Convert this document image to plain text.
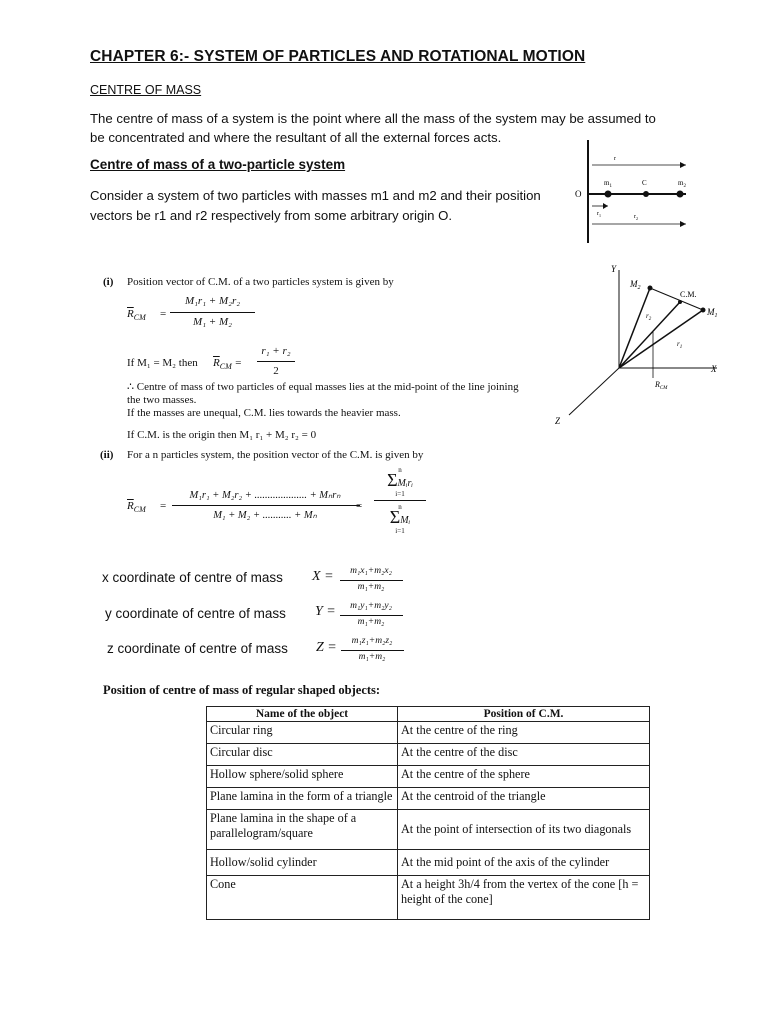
CHAPTER 6:- SYSTEM OF PARTICLES AND ROTATIONAL MOTION
CENTRE OF MASS
The centre of mass of a system is the point where all the mass of the system may be assumed to be concentrated and where the resultant of all the external forces acts.
Centre of mass of a two-particle system
Consider a system of two particles with masses m1 and m2 and their position vectors be r1 and r2 respectively from some arbitrary origin O.
O
$m_1$	C	$m_2$
r
$r_1$	$r_2$
(i) Position vector of C.M. of a two particles system is given by
$\overline{R}_{CM}$ =
M₁r₁ + M₂r₂
M₁ + M₂
If M₁ = M₂ then $\overline{R}_{CM}$ =
r₁ + r₂
2
∴ Centre of mass of two particles of equal masses lies at the mid-point of the line joining the two masses.
If the masses are unequal, C.M. lies towards the heavier mass.
If C.M. is the origin then M₁ r₁ + M₂ r₂ = 0
(ii) For a n particles system, the position vector of the C.M. is given by
$\overline{R}_{CM}$ =
M₁r₁ + M₂r₂ + .................... + Mₙrₙ
M₁ + M₂ + ........... + Mₙ
=
n
ΣMᵢrᵢ
i=1
n
ΣMᵢ
i=1
Y
X
Z
$M_2$
$M_1$
C.M.
$r_1$
$r_2$
$R_{CM}$
x coordinate of centre of mass X =	m₁x₁+m₂x₂
m₁+m₂
y coordinate of centre of mass Y =	m₁y₁+m₂y₂
m₁+m₂
z coordinate of centre of mass Z =	m₁z₁+m₂z₂
m₁+m₂
Position of centre of mass of regular shaped objects:
Name of the object	Position of C.M.
Circular ring	At the centre of the ring
Circular disc	At the centre of the disc
Hollow sphere/solid sphere	At the centre of the sphere
Plane lamina in the form of a triangle	At the centroid of the triangle
Plane lamina in the shape of a parallelogram/square	At the point of intersection of its two diagonals
Hollow/solid cylinder	At the mid point of the axis of the cylinder
Cone	At a height 3h/4 from the vertex of the cone [h = height of the cone]
